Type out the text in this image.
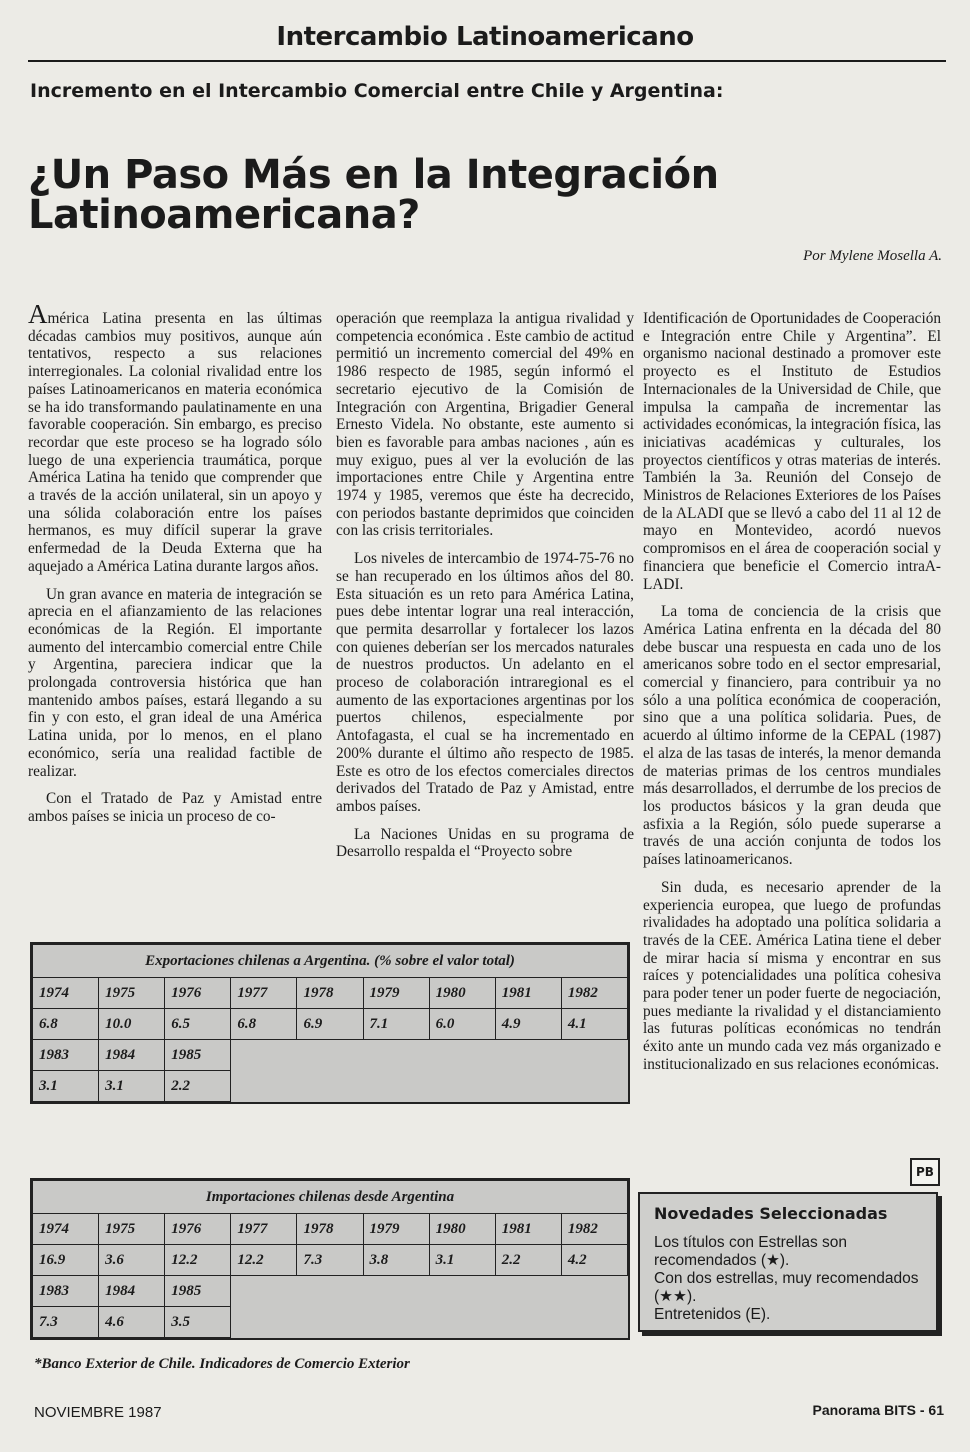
Intercambio Latinoamericano
Incremento en el Intercambio Comercial entre Chile y Argentina:
¿Un Paso Más en la Integración
Latinoamericana?
Por Mylene Mosella A.

América Latina presenta en las últimas décadas cambios muy positivos, aunque aún tentativos, respecto a sus relaciones interregionales. La colonial rivalidad entre los países Latinoamericanos en materia económica se ha ido transformando paulatinamente en una favorable cooperación. Sin embargo, es preciso recordar que este proceso se ha logrado sólo luego de una experiencia traumática, porque América Latina ha tenido que comprender que a través de la acción unilateral, sin un apoyo y una sólida colaboración entre los países hermanos, es muy difícil superar la grave enfermedad de la Deuda Externa que ha aquejado a América Latina durante largos años.

Un gran avance en materia de integración se aprecia en el afianzamiento de las relaciones económicas de la Región. El importante aumento del intercambio comercial entre Chile y Argentina, pareciera indicar que la prolongada controversia histórica que han mantenido ambos países, estará llegando a su fin y con esto, el gran ideal de una América Latina unida, por lo menos, en el plano económico, sería una realidad factible de realizar.

Con el Tratado de Paz y Amistad entre ambos países se inicia un proceso de co-

operación que reemplaza la antigua rivalidad y competencia económica . Este cambio de actitud permitió un incremento comercial del 49% en 1986 respecto de 1985, según informó el secretario ejecutivo de la Comisión de Integración con Argentina, Brigadier General Ernesto Videla. No obstante, este aumento si bien es favorable para ambas naciones , aún es muy exiguo, pues al ver la evolución de las importaciones entre Chile y Argentina entre 1974 y 1985, veremos que éste ha decrecido, con periodos bastante deprimidos que coinciden con las crisis territoriales.

Los niveles de intercambio de 1974-75-76 no se han recuperado en los últimos años del 80. Esta situación es un reto para América Latina, pues debe intentar lograr una real interacción, que permita desarrollar y fortalecer los lazos con quienes deberían ser los mercados naturales de nuestros productos. Un adelanto en el proceso de colaboración intraregional es el aumento de las exportaciones argentinas por los puertos chilenos, especialmente por Antofagasta, el cual se ha incrementado en 200% durante el último año respecto de 1985. Este es otro de los efectos comerciales directos derivados del Tratado de Paz y Amistad, entre ambos países.

La Naciones Unidas en su programa de Desarrollo respalda el “Proyecto sobre

Identificación de Oportunidades de Cooperación e Integración entre Chile y Argentina”. El organismo nacional destinado a promover este proyecto es el Instituto de Estudios Internacionales de la Universidad de Chile, que impulsa la campaña de incrementar las actividades económicas, la integración física, las iniciativas académicas y culturales, los proyectos científicos y otras materias de interés. También la 3a. Reunión del Consejo de Ministros de Relaciones Exteriores de los Países de la ALADI que se llevó a cabo del 11 al 12 de mayo en Montevideo, acordó nuevos compromisos en el área de cooperación social y financiera que beneficie el Comercio intraA-LADI.

La toma de conciencia de la crisis que América Latina enfrenta en la década del 80 debe buscar una respuesta en cada uno de los americanos sobre todo en el sector empresarial, comercial y financiero, para contribuir ya no sólo a una política económica de cooperación, sino que a una política solidaria. Pues, de acuerdo al último informe de la CEPAL (1987) el alza de las tasas de interés, la menor demanda de materias primas de los centros mundiales más desarrollados, el derrumbe de los precios de los productos básicos y la gran deuda que asfixia a la Región, sólo puede superarse a través de una acción conjunta de todos los países latinoamericanos.

Sin duda, es necesario aprender de la experiencia europea, que luego de profundas rivalidades ha adoptado una política solidaria a través de la CEE. América Latina tiene el deber de mirar hacia sí misma y encontrar en sus raíces y potencialidades una política cohesiva para poder tener un poder fuerte de negociación, pues mediante la rivalidad y el distanciamiento las futuras políticas económicas no tendrán éxito ante un mundo cada vez más organizado e institucionalizado en sus relaciones económicas.

Exportaciones chilenas a Argentina. (% sobre el valor total)								
1974	1975	1976	1977	1978	1979	1980	1981	1982
6.8	10.0	6.5	6.8	6.9	7.1	6.0	4.9	4.1
1983	1984	1985						
3.1	3.1	2.2						
Importaciones chilenas desde Argentina								
1974	1975	1976	1977	1978	1979	1980	1981	1982
16.9	3.6	12.2	12.2	7.3	3.8	3.1	2.2	4.2
1983	1984	1985						
7.3	4.6	3.5						
*Banco Exterior de Chile. Indicadores de Comercio Exterior
PB
Novedades Seleccionadas
Los títulos con Estrellas son recomendados (★).
Con dos estrellas, muy recomendados (★★).
Entretenidos (E).
NOVIEMBRE 1987	Panorama BITS - 61
